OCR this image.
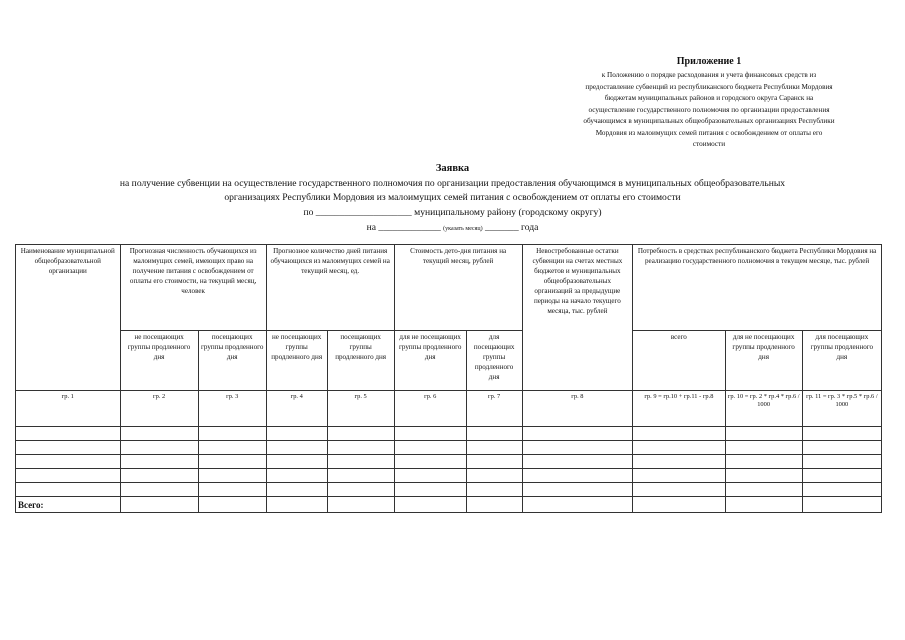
Приложение 1
к Положению о порядке расходования и учета финансовых средств из
предоставление субвенций из республиканского бюджета Республики Мордовия
бюджетам муниципальных районов и городского округа Саранск на
осуществление государственного полномочия по организации предоставления
обучающимся в муниципальных общеобразовательных организациях Республики
Мордовия из малоимущих семей питания с освобождением от оплаты его
стоимости
Заявка
на получение субвенции на осуществление государственного полномочия по организации предоставления обучающимся в муниципальных общеобразовательных
организациях Республики Мордовия из малоимущих семей питания с освобождением от оплаты его стоимости
по ____________________ муниципальному району (городскому округу)
на _____________ (указать месяц) _______ года
Наименование муниципальной общеобразовательной организации	Прогнозная численность обучающихся из малоимущих семей, имеющих право на получение питания с освобождением от оплаты его стоимости, на текущий месяц, человек		Прогнозное количество дней питания обучающихся из малоимущих семей на текущий месяц, ед.		Стоимость дето-дня питания на текущий месяц, рублей		Невостребованные остатки субвенции на счетах местных бюджетов и муниципальных общеобразовательных организаций за предыдущие периоды на начало текущего месяца, тыс. рублей	Потребность в средствах республиканского бюджета Республики Мордовия на реализацию государственного полномочия в текущем месяце, тыс. рублей		
	не посещающих группы продленного дня	посещающих группы продленного дня	не посещающих группы продленного дня	посещающих группы продленного дня	для не посещающих группы продленного дня	для посещающих группы продленного дня		всего	для не посещающих группы продленного дня	для посещающих группы продленного дня
гр. 1	гр. 2	гр. 3	гр. 4	гр. 5	гр. 6	гр. 7	гр. 8	гр. 9 = гр.10 + гр.11 - гр.8	гр. 10 = гр. 2 * гр.4 * гр.6 / 1000	гр. 11 = гр. 3 * гр.5 * гр.6 / 1000

Всего:										
